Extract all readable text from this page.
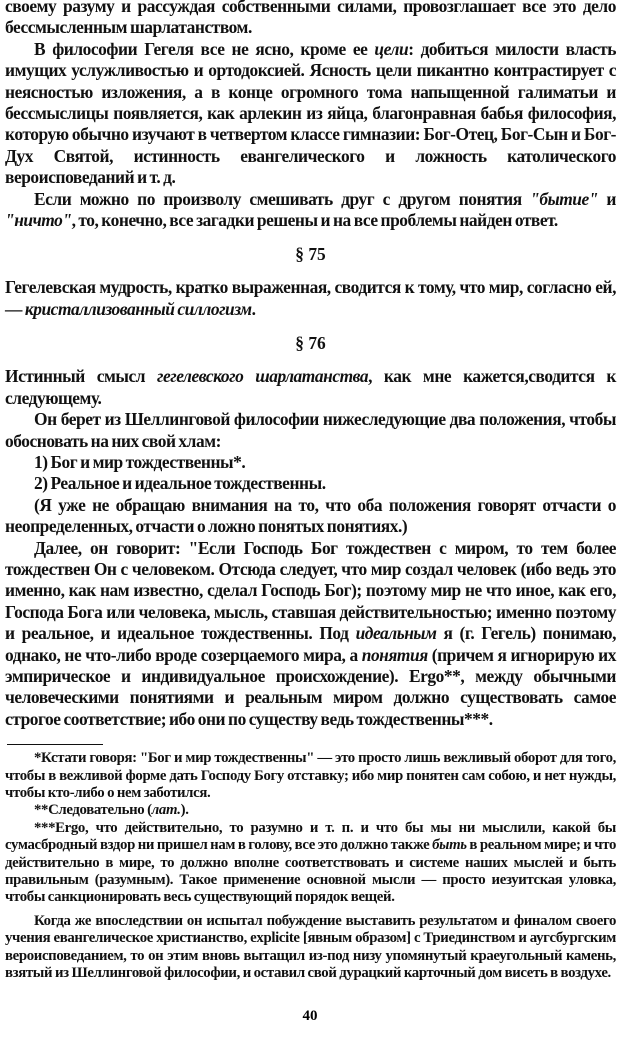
своему разуму и рассуждая собственными силами, провозглашает все это дело бессмысленным шарлатанством.

В философии Гегеля все не ясно, кроме ее цели: добиться милости власть имущих услужливостью и ортодоксией. Ясность цели пикантно контрастирует с неясностью изложения, а в конце огромного тома напыщенной галиматьи и бессмыслицы появляется, как арлекин из яйца, благонравная бабья философия, которую обычно изучают в четвертом классе гимназии: Бог-Отец, Бог-Сын и Бог-Дух Святой, истинность евангелического и ложность католического вероисповеданий и т. д.

Если можно по произволу смешивать друг с другом понятия "бытие" и "ничто", то, конечно, все загадки решены и на все проблемы найден ответ.

§ 75

Гегелевская мудрость, кратко выраженная, сводится к тому, что мир, согласно ей, — кристаллизованный силлогизм.

§ 76

Истинный смысл гегелевского шарлатанства, как мне кажется,сводится к следующему.

Он берет из Шеллинговой философии нижеследующие два положения, чтобы обосновать на них свой хлам:

1) Бог и мир тождественны*.

2) Реальное и идеальное тождественны.

(Я уже не обращаю внимания на то, что оба положения говорят отчасти о неопределенных, отчасти о ложно понятых понятиях.)

Далее, он говорит: "Если Господь Бог тождествен с миром, то тем более тождествен Он с человеком. Отсюда следует, что мир создал человек (ибо ведь это именно, как нам известно, сделал Господь Бог); поэтому мир не что иное, как его, Господа Бога или человека, мысль, ставшая действительностью; именно поэтому и реальное, и идеальное тождественны. Под идеальным я (г. Гегель) понимаю, однако, не что-либо вроде созерцаемого мира, а понятия (причем я игнорирую их эмпирическое и индивидуальное происхождение). Ergo**, между обычными человеческими понятиями и реальным миром должно существовать самое строгое соответствие; ибо они по существу ведь тождественны***.

*Кстати говоря: "Бог и мир тождественны" — это просто лишь вежливый оборот для того, чтобы в вежливой форме дать Господу Богу отставку; ибо мир понятен сам собою, и нет нужды, чтобы кто-либо о нем заботился.

**Следовательно (лат.).

***Ergo, что действительно, то разумно и т. п. и что бы мы ни мыслили, какой бы сумасбродный вздор ни пришел нам в голову, все это должно также быть в реальном мире; и что действительно в мире, то должно вполне соответствовать и системе наших мыслей и быть правильным (разумным). Такое применение основной мысли — просто иезуитская уловка, чтобы санкционировать весь существующий порядок вещей.

Когда же впоследствии он испытал побуждение выставить результатом и финалом своего учения евангелическое христианство, explicite [явным образом] с Триединством и аугсбургским вероисповеданием, то он этим вновь вытащил из-под низу упомянутый краеугольный камень, взятый из Шеллинговой философии, и оставил свой дурацкий карточный дом висеть в воздухе.

40
